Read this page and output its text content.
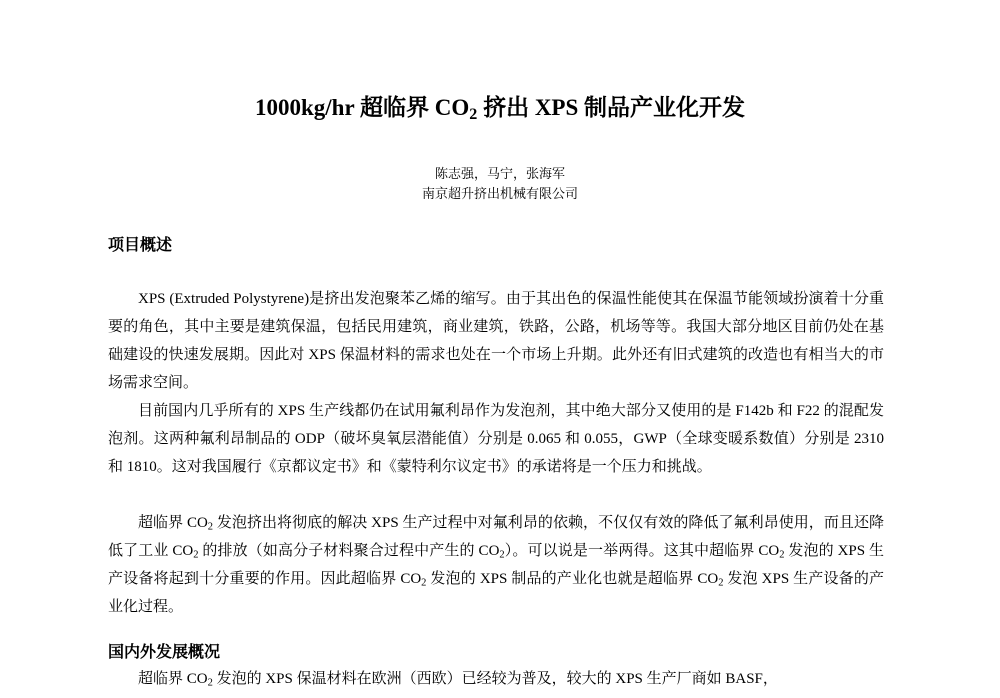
1000kg/hr 超临界 $CO_2$ 挤出 XPS 制品产业化开发
陈志强，马宁，张海军
南京超升挤出机械有限公司
项目概述

XPS (Extruded Polystyrene)是挤出发泡聚苯乙烯的缩写。由于其出色的保温性能使其在保温节能领域扮演着十分重要的角色，其中主要是建筑保温，包括民用建筑，商业建筑，铁路，公路，机场等等。我国大部分地区目前仍处在基础建设的快速发展期。因此对 XPS 保温材料的需求也处在一个市场上升期。此外还有旧式建筑的改造也有相当大的市场需求空间。

目前国内几乎所有的 XPS 生产线都仍在试用氟利昂作为发泡剂，其中绝大部分又使用的是 F142b 和 F22 的混配发泡剂。这两种氟利昂制品的 ODP（破坏臭氧层潜能值）分别是 0.065 和 0.055，GWP（全球变暖系数值）分别是 2310 和 1810。这对我国履行《京都议定书》和《蒙特利尔议定书》的承诺将是一个压力和挑战。

超临界 $CO_2$ 发泡挤出将彻底的解决 XPS 生产过程中对氟利昂的依赖，不仅仅有效的降低了氟利昂使用，而且还降低了工业 $CO_2$ 的排放（如高分子材料聚合过程中产生的 $CO_2$）。可以说是一举两得。这其中超临界 $CO_2$ 发泡的 XPS 生产设备将起到十分重要的作用。因此超临界 $CO_2$ 发泡的 XPS 制品的产业化也就是超临界 $CO_2$ 发泡 XPS 生产设备的产业化过程。

国内外发展概况

超临界 $CO_2$ 发泡的 XPS 保温材料在欧洲（西欧）已经较为普及，较大的 XPS 生产厂商如 BASF，
